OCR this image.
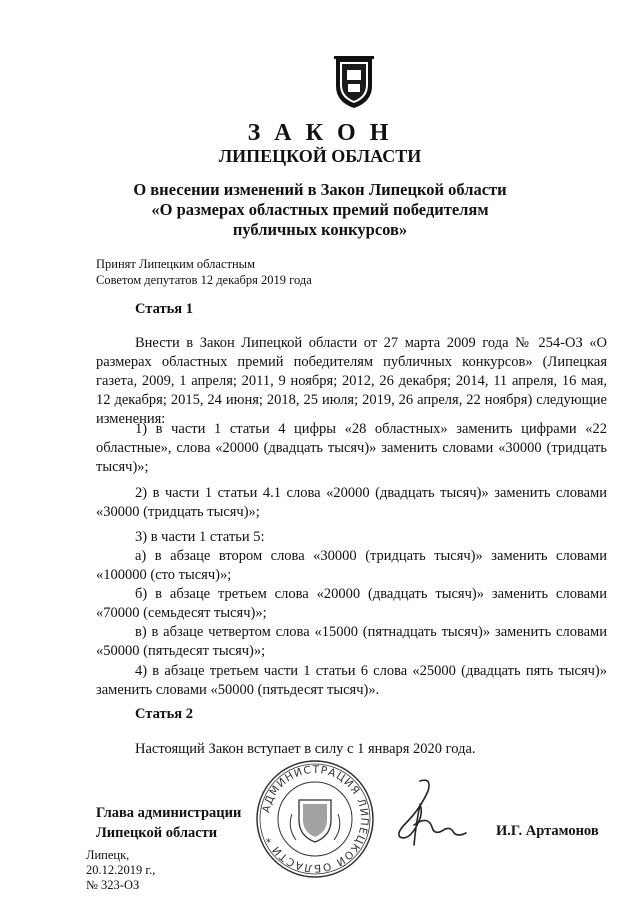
З А К О Н
ЛИПЕЦКОЙ ОБЛАСТИ
О внесении изменений в Закон Липецкой области
«О размерах областных премий победителям
публичных конкурсов»
Принят Липецким областным
Советом депутатов 12 декабря 2019 года
Статья 1
Внести в Закон Липецкой области от 27 марта 2009 года № 254-ОЗ «О размерах областных премий победителям публичных конкурсов» (Липецкая газета, 2009, 1 апреля; 2011, 9 ноября; 2012, 26 декабря; 2014, 11 апреля, 16 мая, 12 декабря; 2015, 24 июня; 2018, 25 июля; 2019, 26 апреля, 22 ноября) следующие изменения:
1) в части 1 статьи 4 цифры «28 областных» заменить цифрами «22 областные», слова «20000 (двадцать тысяч)» заменить словами «30000 (тридцать тысяч)»;
2) в части 1 статьи 4.1 слова «20000 (двадцать тысяч)» заменить словами «30000 (тридцать тысяч)»;
3) в части 1 статьи 5:
а) в абзаце втором слова «30000 (тридцать тысяч)» заменить словами «100000 (сто тысяч)»;
б) в абзаце третьем слова «20000 (двадцать тысяч)» заменить словами «70000 (семьдесят тысяч)»;
в) в абзаце четвертом слова «15000 (пятнадцать тысяч)» заменить словами «50000 (пятьдесят тысяч)»;
4) в абзаце третьем части 1 статьи 6 слова «25000 (двадцать пять тысяч)» заменить словами «50000 (пятьдесят тысяч)».
Статья 2
Настоящий Закон вступает в силу с 1 января 2020 года.
АДМИНИСТРАЦИЯ ЛИПЕЦКОЙ ОБЛАСТИ *
Глава администрации
Липецкой области	И.Г. Артамонов
Липецк,
20.12.2019 г.,
№ 323-ОЗ
